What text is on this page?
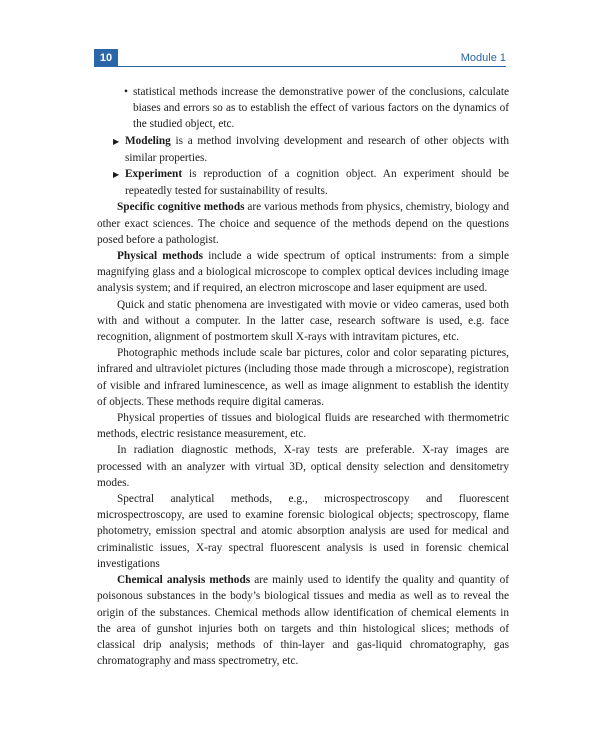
10	Module 1
• statistical methods increase the demonstrative power of the conclusions, calculate biases and errors so as to establish the effect of various factors on the dynamics of the studied object, etc.
▶ Modeling is a method involving development and research of other objects with similar properties.
▶ Experiment is reproduction of a cognition object. An experiment should be repeatedly tested for sustainability of results.
Specific cognitive methods are various methods from physics, chemistry, biology and other exact sciences. The choice and sequence of the methods depend on the questions posed before a pathologist.
Physical methods include a wide spectrum of optical instruments: from a simple magnifying glass and a biological microscope to complex optical devices including image analysis system; and if required, an electron microscope and laser equipment are used.
Quick and static phenomena are investigated with movie or video cameras, used both with and without a computer. In the latter case, research software is used, e.g. face recognition, alignment of postmortem skull X-rays with intravitam pictures, etc.
Photographic methods include scale bar pictures, color and color separating pictures, infrared and ultraviolet pictures (including those made through a microscope), registration of visible and infrared luminescence, as well as image alignment to establish the identity of objects. These methods require digital cameras.
Physical properties of tissues and biological fluids are researched with thermometric methods, electric resistance measurement, etc.
In radiation diagnostic methods, X-ray tests are preferable. X-ray images are processed with an analyzer with virtual 3D, optical density selection and densitometry modes.
Spectral analytical methods, e.g., microspectroscopy and fluorescent microspectroscopy, are used to examine forensic biological objects; spectroscopy, flame photometry, emission spectral and atomic absorption analysis are used for medical and criminalistic issues, X-ray spectral fluorescent analysis is used in forensic chemical investigations
Chemical analysis methods are mainly used to identify the quality and quantity of poisonous substances in the body’s biological tissues and media as well as to reveal the origin of the substances. Chemical methods allow identification of chemical elements in the area of gunshot injuries both on targets and thin histological slices; methods of classical drip analysis; methods of thin-layer and gas-liquid chromatography, gas chromatography and mass spectrometry, etc.
